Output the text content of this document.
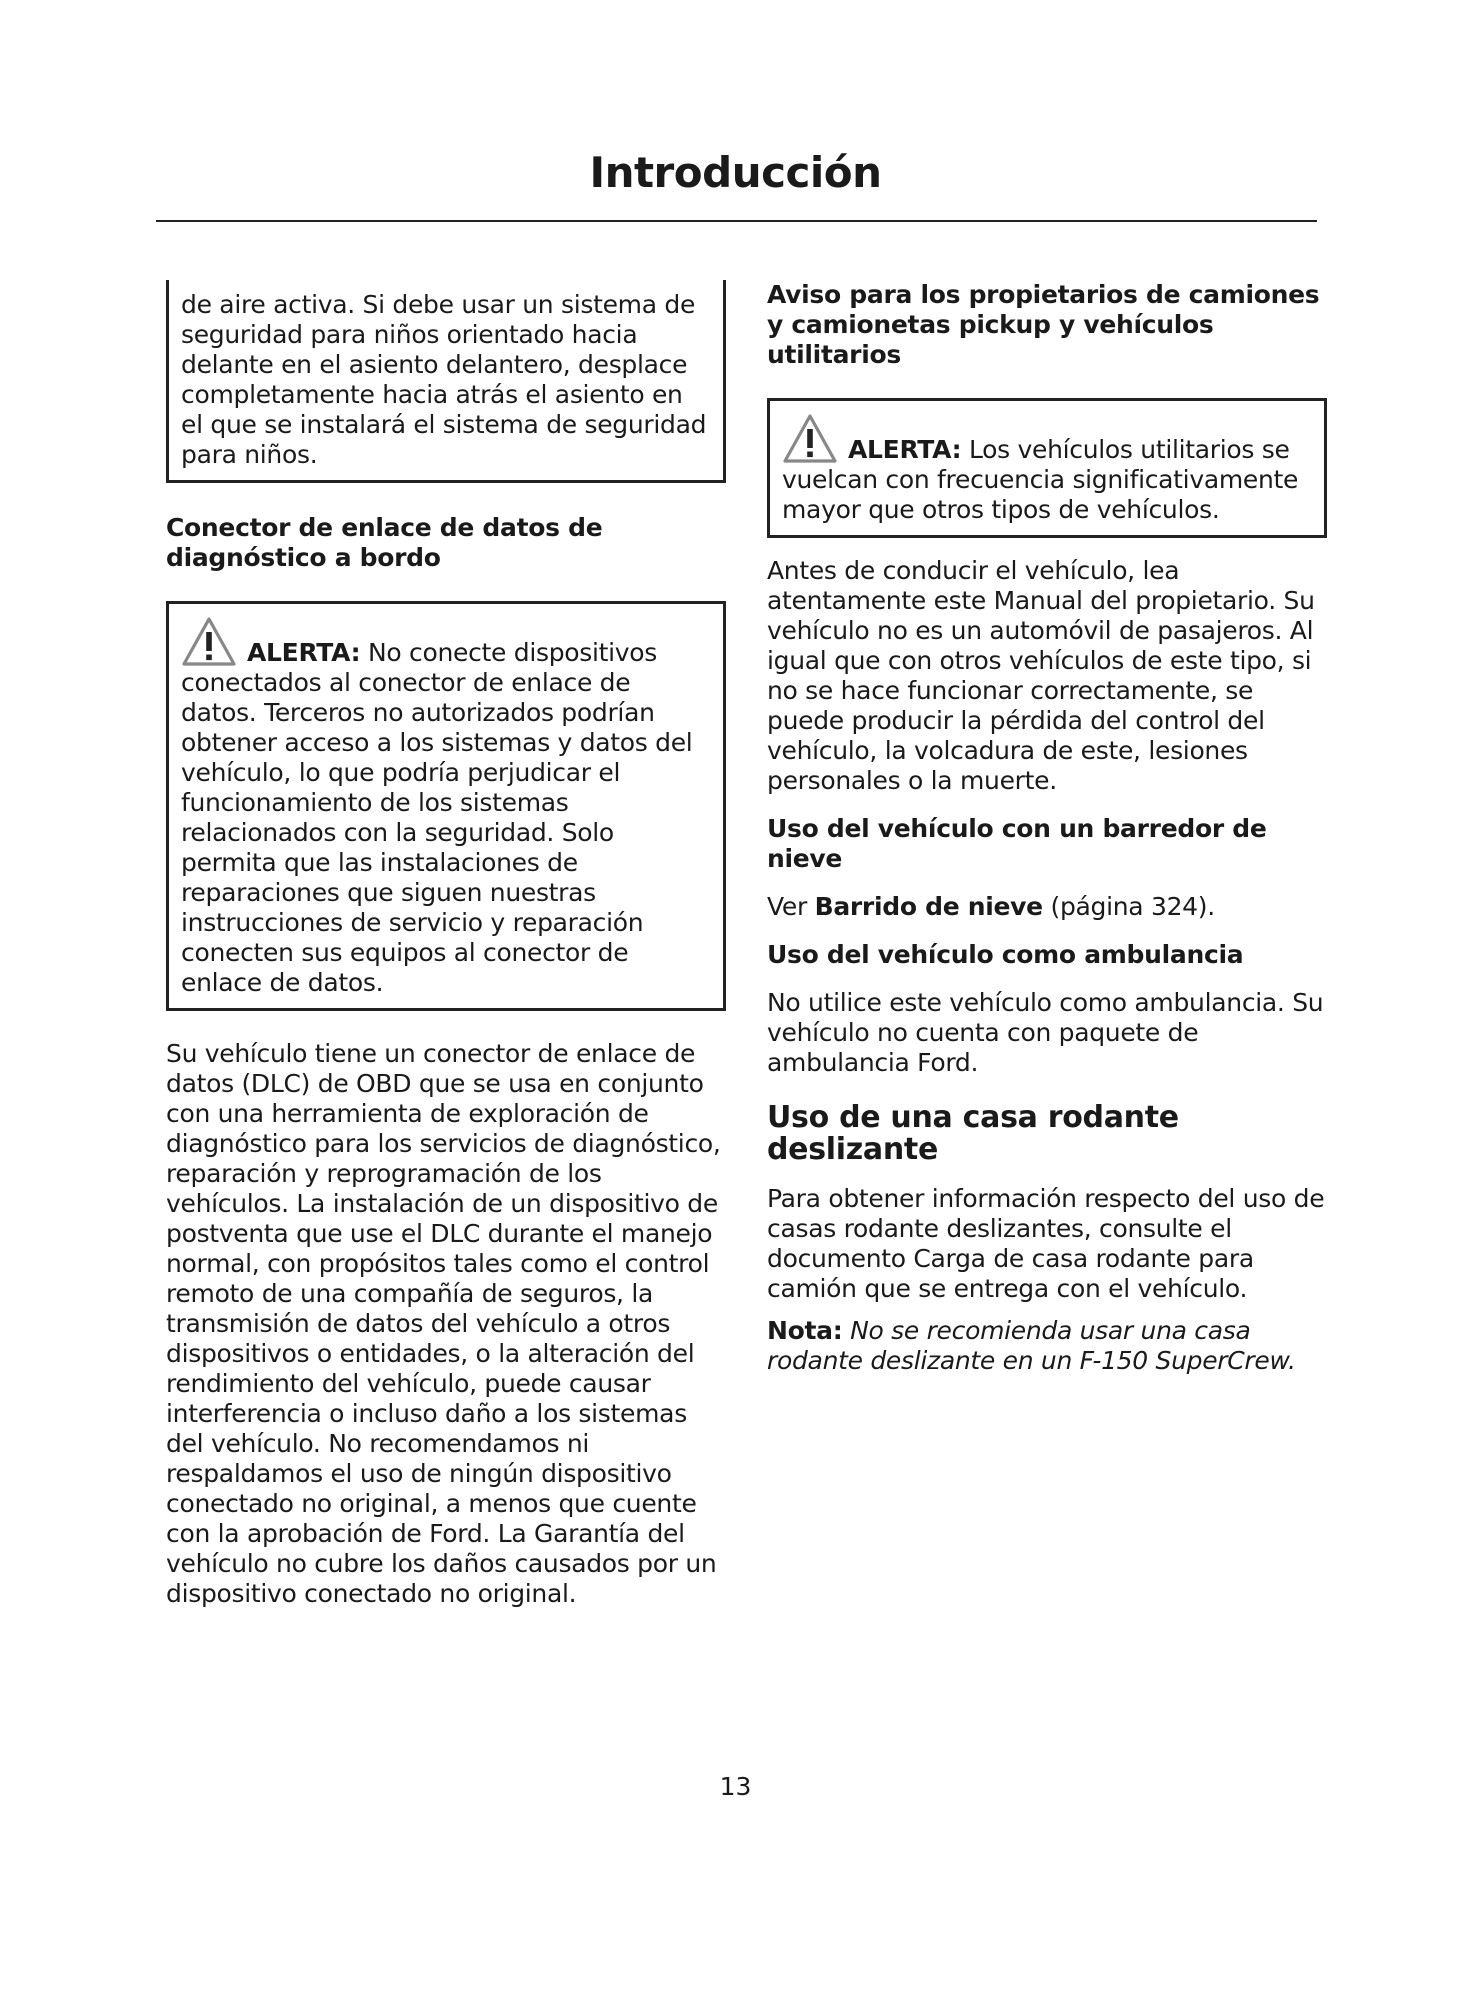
Introducción
de aire activa. Si debe usar un sistema de seguridad para niños orientado hacia delante en el asiento delantero, desplace completamente hacia atrás el asiento en el que se instalará el sistema de seguridad para niños.

Conector de enlace de datos de diagnóstico a bordo

ALERTA: No conecte dispositivos conectados al conector de enlace de datos. Terceros no autorizados podrían obtener acceso a los sistemas y datos del vehículo, lo que podría perjudicar el funcionamiento de los sistemas relacionados con la seguridad. Solo permita que las instalaciones de reparaciones que siguen nuestras instrucciones de servicio y reparación conecten sus equipos al conector de enlace de datos.

Su vehículo tiene un conector de enlace de datos (DLC) de OBD que se usa en conjunto con una herramienta de exploración de diagnóstico para los servicios de diagnóstico, reparación y reprogramación de los vehículos. La instalación de un dispositivo de postventa que use el DLC durante el manejo normal, con propósitos tales como el control remoto de una compañía de seguros, la transmisión de datos del vehículo a otros dispositivos o entidades, o la alteración del rendimiento del vehículo, puede causar interferencia o incluso daño a los sistemas del vehículo. No recomendamos ni respaldamos el uso de ningún dispositivo conectado no original, a menos que cuente con la aprobación de Ford. La Garantía del vehículo no cubre los daños causados por un dispositivo conectado no original.

Aviso para los propietarios de camiones y camionetas pickup y vehículos utilitarios

ALERTA: Los vehículos utilitarios se vuelcan con frecuencia significativamente mayor que otros tipos de vehículos.

Antes de conducir el vehículo, lea atentamente este Manual del propietario. Su vehículo no es un automóvil de pasajeros. Al igual que con otros vehículos de este tipo, si no se hace funcionar correctamente, se puede producir la pérdida del control del vehículo, la volcadura de este, lesiones personales o la muerte.

Uso del vehículo con un barredor de nieve

Ver Barrido de nieve (página 324).

Uso del vehículo como ambulancia

No utilice este vehículo como ambulancia. Su vehículo no cuenta con paquete de ambulancia Ford.

Uso de una casa rodante deslizante

Para obtener información respecto del uso de casas rodante deslizantes, consulte el documento Carga de casa rodante para camión que se entrega con el vehículo.

Nota: No se recomienda usar una casa rodante deslizante en un F-150 SuperCrew.

13
